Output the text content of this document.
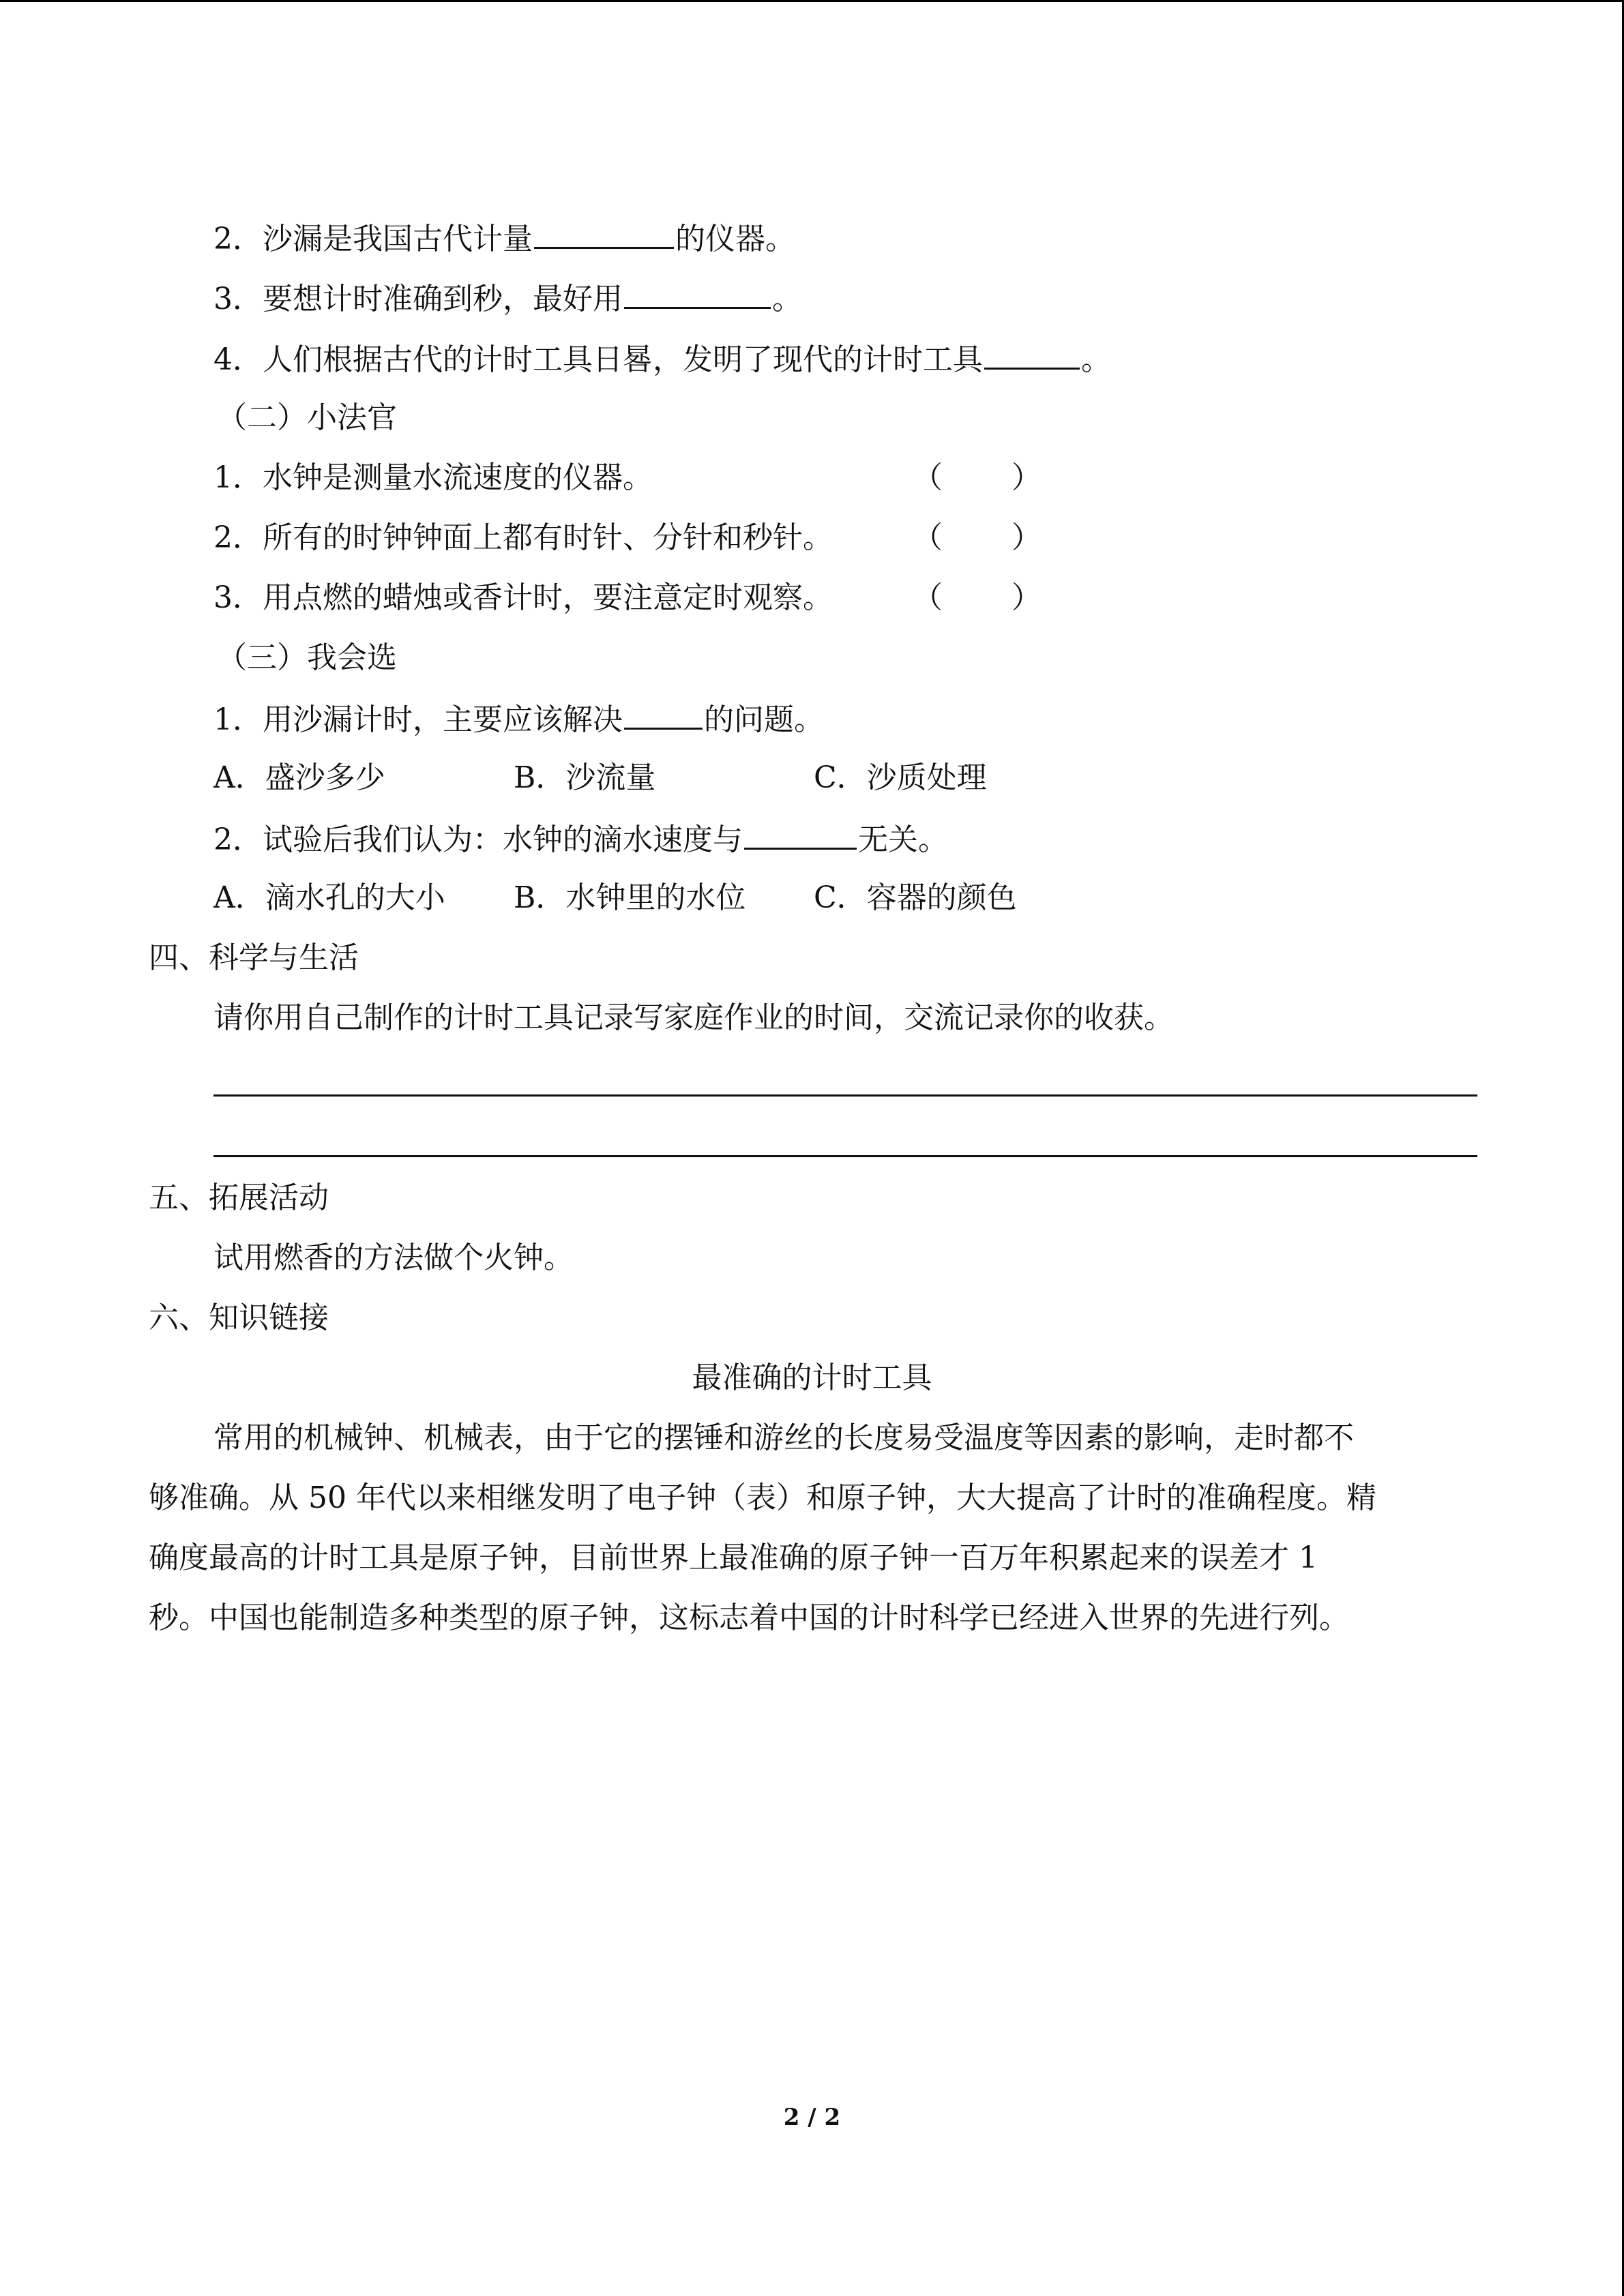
2．沙漏是我国古代计量	的仪器。
3．要想计时准确到秒，最好用	。
4．人们根据古代的计时工具日晷，发明了现代的计时工具	。
（二）小法官
1．水钟是测量水流速度的仪器。	（ ）
2．所有的时钟钟面上都有时针、分针和秒针。	（ ）
3．用点燃的蜡烛或香计时，要注意定时观察。	（ ）
（三）我会选
1．用沙漏计时，主要应该解决	的问题。
A．盛沙多少	B．沙流量	C．沙质处理
2．试验后我们认为：水钟的滴水速度与	无关。
A．滴水孔的大小 B．水钟里的水位 C．容器的颜色
四、科学与生活
请你用自己制作的计时工具记录写家庭作业的时间，交流记录你的收获。
五、拓展活动
试用燃香的方法做个火钟。
六、知识链接
最准确的计时工具
常用的机械钟、机械表，由于它的摆锤和游丝的长度易受温度等因素的影响，走时都不
够准确。从 50 年代以来相继发明了电子钟（表）和原子钟，大大提高了计时的准确程度。精
确度最高的计时工具是原子钟，目前世界上最准确的原子钟一百万年积累起来的误差才 1
秒。中国也能制造多种类型的原子钟，这标志着中国的计时科学已经进入世界的先进行列。
2 / 2
